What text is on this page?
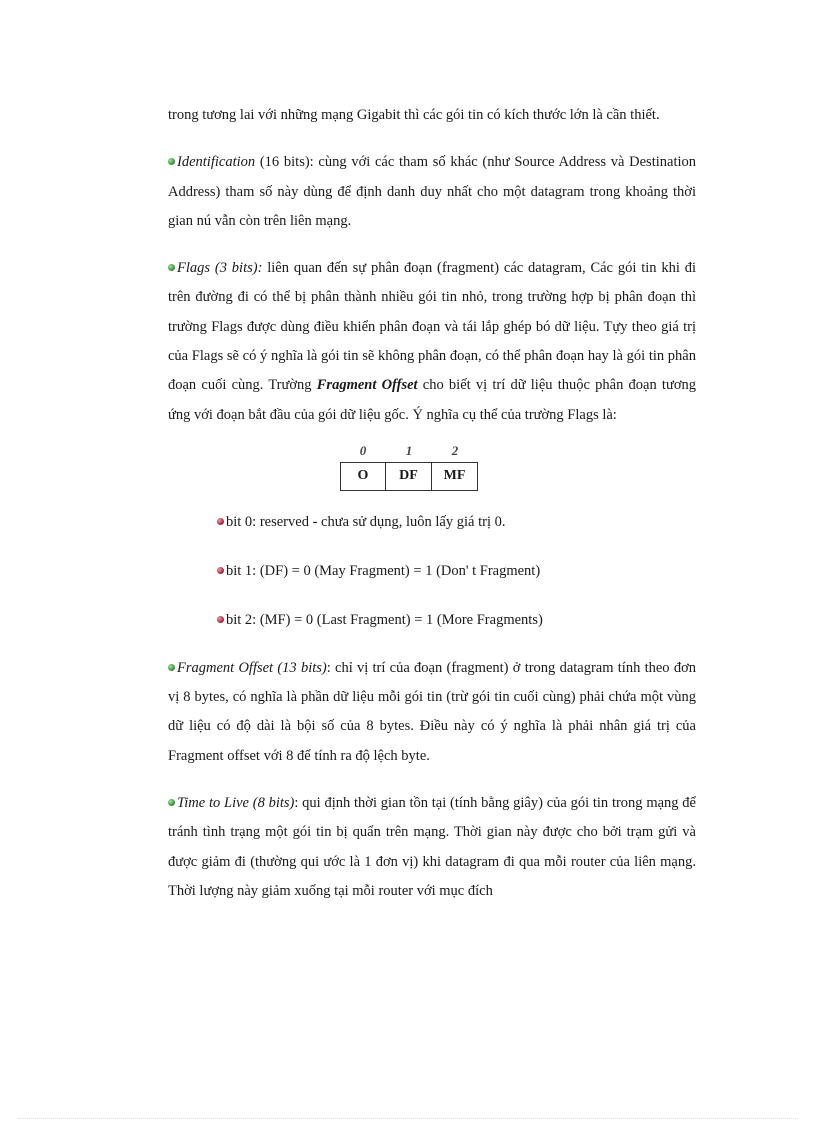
trong tương lai với những mạng Gigabit thì các gói tin có kích thước lớn là cần thiết.

Identification (16 bits): cùng với các tham số khác (như Source Address và Destination Address) tham số này dùng để định danh duy nhất cho một datagram trong khoảng thời gian nú vẫn còn trên liên mạng.

Flags (3 bits): liên quan đến sự phân đoạn (fragment) các datagram, Các gói tin khi đi trên đường đi có thể bị phân thành nhiều gói tin nhỏ, trong trường hợp bị phân đoạn thì trường Flags được dùng điều khiển phân đoạn và tái lắp ghép bó dữ liệu. Tựy theo giá trị của Flags sẽ có ý nghĩa là gói tin sẽ không phân đoạn, có thể phân đoạn hay là gói tin phân đoạn cuối cùng. Trường Fragment Offset cho biết vị trí dữ liệu thuộc phân đoạn tương ứng với đoạn bắt đầu của gói dữ liệu gốc. Ý nghĩa cụ thể của trường Flags là:

0	1	2
O	DF	MF

bit 0: reserved - chưa sử dụng, luôn lấy giá trị 0.

bit 1: (DF) = 0 (May Fragment) = 1 (Don' t Fragment)

bit 2: (MF) = 0 (Last Fragment) = 1 (More Fragments)

Fragment Offset (13 bits): chỉ vị trí của đoạn (fragment) ở trong datagram tính theo đơn vị 8 bytes, có nghĩa là phần dữ liệu mỗi gói tin (trừ gói tin cuối cùng) phải chứa một vùng dữ liệu có độ dài là bội số của 8 bytes. Điều này có ý nghĩa là phải nhân giá trị của Fragment offset với 8 để tính ra độ lệch byte.

Time to Live (8 bits): qui định thời gian tồn tại (tính bằng giây) của gói tin trong mạng để tránh tình trạng một gói tin bị quẩn trên mạng. Thời gian này được cho bởi trạm gửi và được giảm đi (thường qui ước là 1 đơn vị) khi datagram đi qua mỗi router của liên mạng. Thời lượng này giảm xuống tại mỗi router với mục đích
